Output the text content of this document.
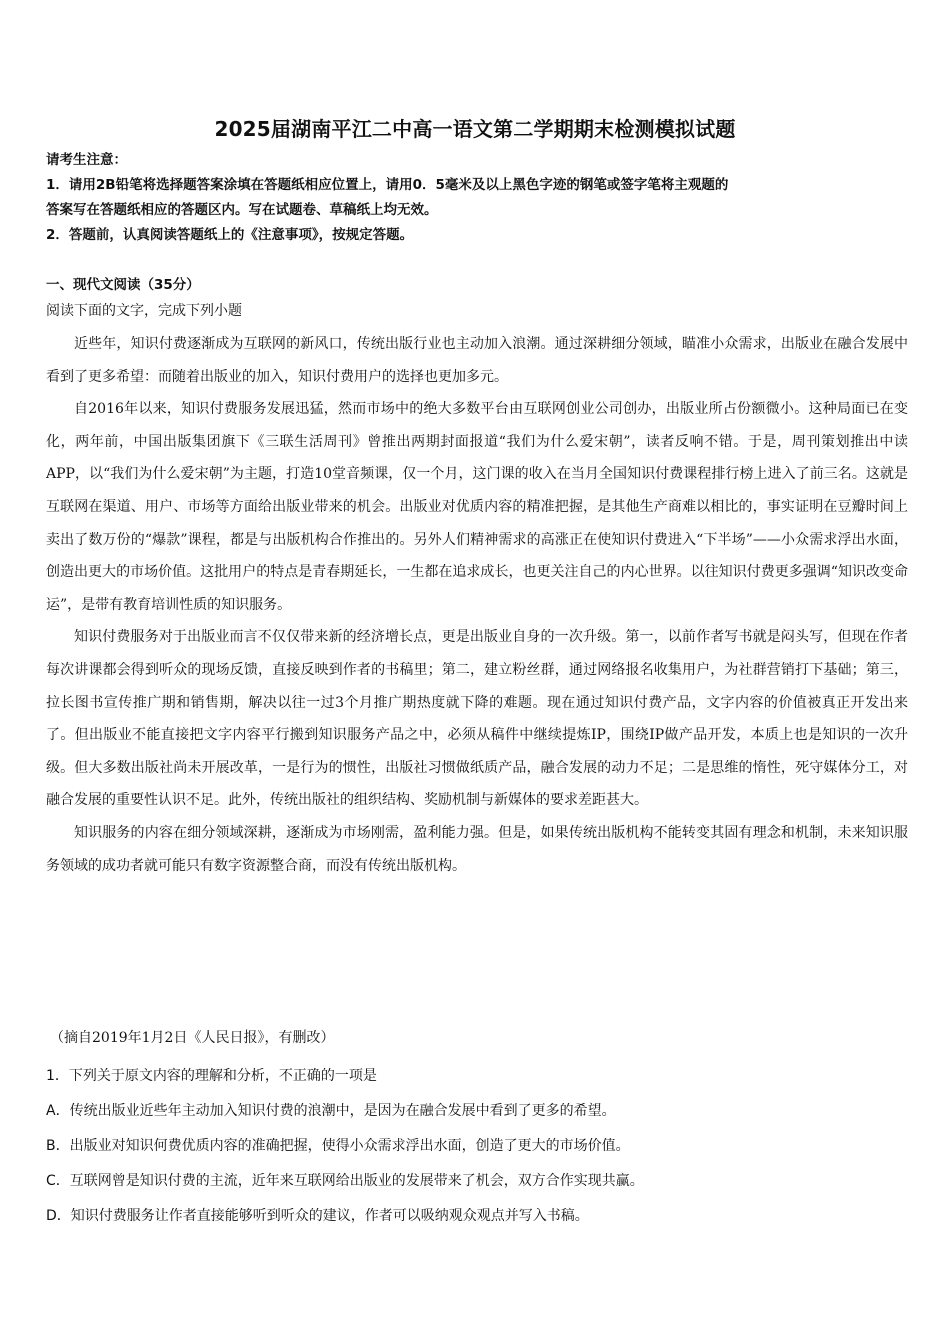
2025届湖南平江二中高一语文第二学期期末检测模拟试题
请考生注意：
1．请用2B铅笔将选择题答案涂填在答题纸相应位置上，请用0．5毫米及以上黑色字迹的钢笔或签字笔将主观题的
答案写在答题纸相应的答题区内。写在试题卷、草稿纸上均无效。
2．答题前，认真阅读答题纸上的《注意事项》，按规定答题。
一、现代文阅读（35分）
阅读下面的文字，完成下列小题

近些年，知识付费逐渐成为互联网的新风口，传统出版行业也主动加入浪潮。通过深耕细分领域，瞄准小众需求，出版业在融合发展中看到了更多希望：而随着出版业的加入，知识付费用户的选择也更加多元。

自2016年以来，知识付费服务发展迅猛，然而市场中的绝大多数平台由互联网创业公司创办，出版业所占份额微小。这种局面已在变化，两年前，中国出版集团旗下《三联生活周刊》曾推出两期封面报道“我们为什么爱宋朝”，读者反响不错。于是，周刊策划推出中读APP，以“我们为什么爱宋朝”为主题，打造10堂音频课，仅一个月，这门课的收入在当月全国知识付费课程排行榜上进入了前三名。这就是互联网在渠道、用户、市场等方面给出版业带来的机会。出版业对优质内容的精准把握，是其他生产商难以相比的，事实证明在豆瓣时间上卖出了数万份的“爆款”课程，都是与出版机构合作推出的。另外人们精神需求的高涨正在使知识付费进入“下半场”——小众需求浮出水面，创造出更大的市场价值。这批用户的特点是青春期延长，一生都在追求成长，也更关注自己的内心世界。以往知识付费更多强调“知识改变命运”，是带有教育培训性质的知识服务。

知识付费服务对于出版业而言不仅仅带来新的经济增长点，更是出版业自身的一次升级。第一，以前作者写书就是闷头写，但现在作者每次讲课都会得到听众的现场反馈，直接反映到作者的书稿里；第二，建立粉丝群，通过网络报名收集用户，为社群营销打下基础；第三，拉长图书宣传推广期和销售期，解决以往一过3个月推广期热度就下降的难题。现在通过知识付费产品，文字内容的价值被真正开发出来了。但出版业不能直接把文字内容平行搬到知识服务产品之中，必须从稿件中继续提炼IP，围绕IP做产品开发，本质上也是知识的一次升级。但大多数出版社尚未开展改革，一是行为的惯性，出版社习惯做纸质产品，融合发展的动力不足；二是思维的惰性，死守媒体分工，对融合发展的重要性认识不足。此外，传统出版社的组织结构、奖励机制与新媒体的要求差距甚大。

知识服务的内容在细分领域深耕，逐渐成为市场刚需，盈利能力强。但是，如果传统出版机构不能转变其固有理念和机制，未来知识服务领域的成功者就可能只有数字资源整合商，而没有传统出版机构。

（摘自2019年1月2日《人民日报》，有删改）
1．下列关于原文内容的理解和分析，不正确的一项是
A．传统出版业近些年主动加入知识付费的浪潮中，是因为在融合发展中看到了更多的希望。
B．出版业对知识何费优质内容的准确把握，使得小众需求浮出水面，创造了更大的市场价值。
C．互联网曾是知识付费的主流，近年来互联网给出版业的发展带来了机会，双方合作实现共赢。
D．知识付费服务让作者直接能够听到听众的建议，作者可以吸纳观众观点并写入书稿。
